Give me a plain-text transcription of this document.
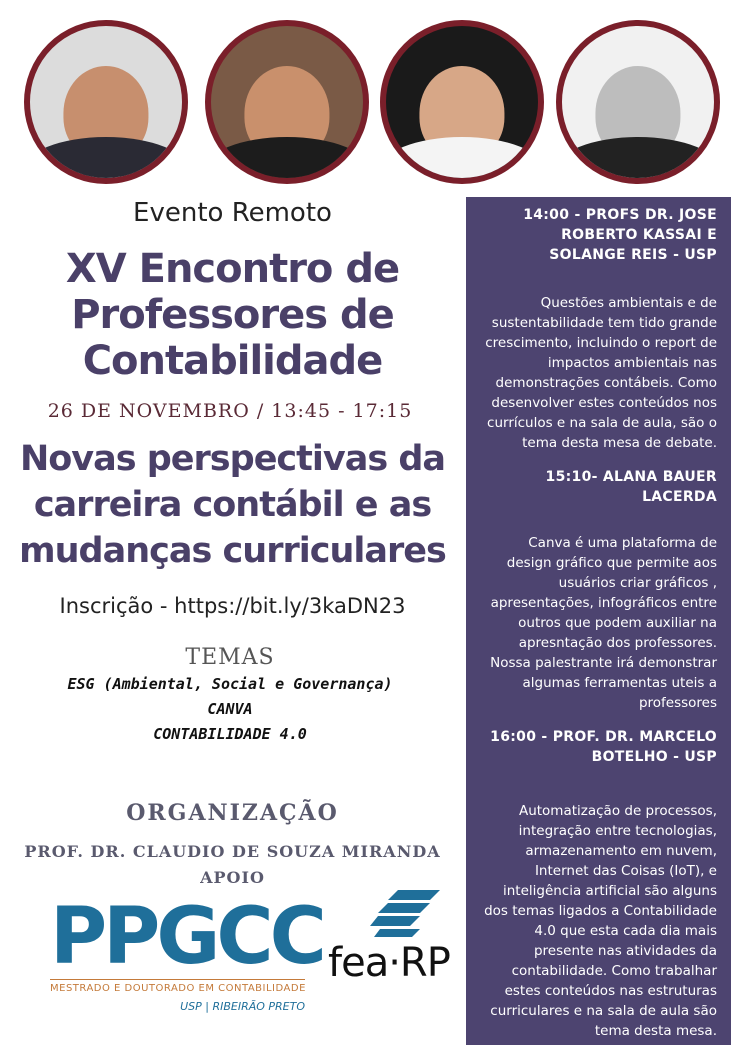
Evento Remoto
XV Encontro de
Professores de
Contabilidade
26 DE NOVEMBRO / 13:45 - 17:15
Novas perspectivas da
carreira contábil e as
mudanças curriculares
Inscrição - https://bit.ly/3kaDN23
TEMAS
ESG (Ambiental, Social e Governança)
CANVA
CONTABILIDADE 4.0
ORGANIZAÇÃO
PROF. DR. CLAUDIO DE SOUZA MIRANDA
APOIO
PPGCC
MESTRADO E DOUTORADO EM CONTABILIDADE
USP | RIBEIRÃO PRETO
fea·RP
14:00 - PROFS DR. JOSE ROBERTO KASSAI E SOLANGE REIS - USP
Questões ambientais e de sustentabilidade tem tido grande crescimento, incluindo o report de impactos ambientais nas demonstrações contábeis. Como desenvolver estes conteúdos nos currículos e na sala de aula, são o tema desta mesa de debate.
15:10- ALANA BAUER LACERDA
Canva é uma plataforma de design gráfico que permite aos usuários criar gráficos , apresentações, infográficos entre outros que podem auxiliar na apresntação dos professores. Nossa palestrante irá demonstrar algumas ferramentas uteis a professores
16:00 - PROF. DR. MARCELO BOTELHO - USP
Automatização de processos, integração entre tecnologias, armazenamento em nuvem, Internet das Coisas (IoT), e inteligência artificial são alguns dos temas ligados a Contabilidade 4.0 que esta cada dia mais presente nas atividades da contabilidade. Como trabalhar estes conteúdos nas estruturas curriculares e na sala de aula são tema desta mesa.
